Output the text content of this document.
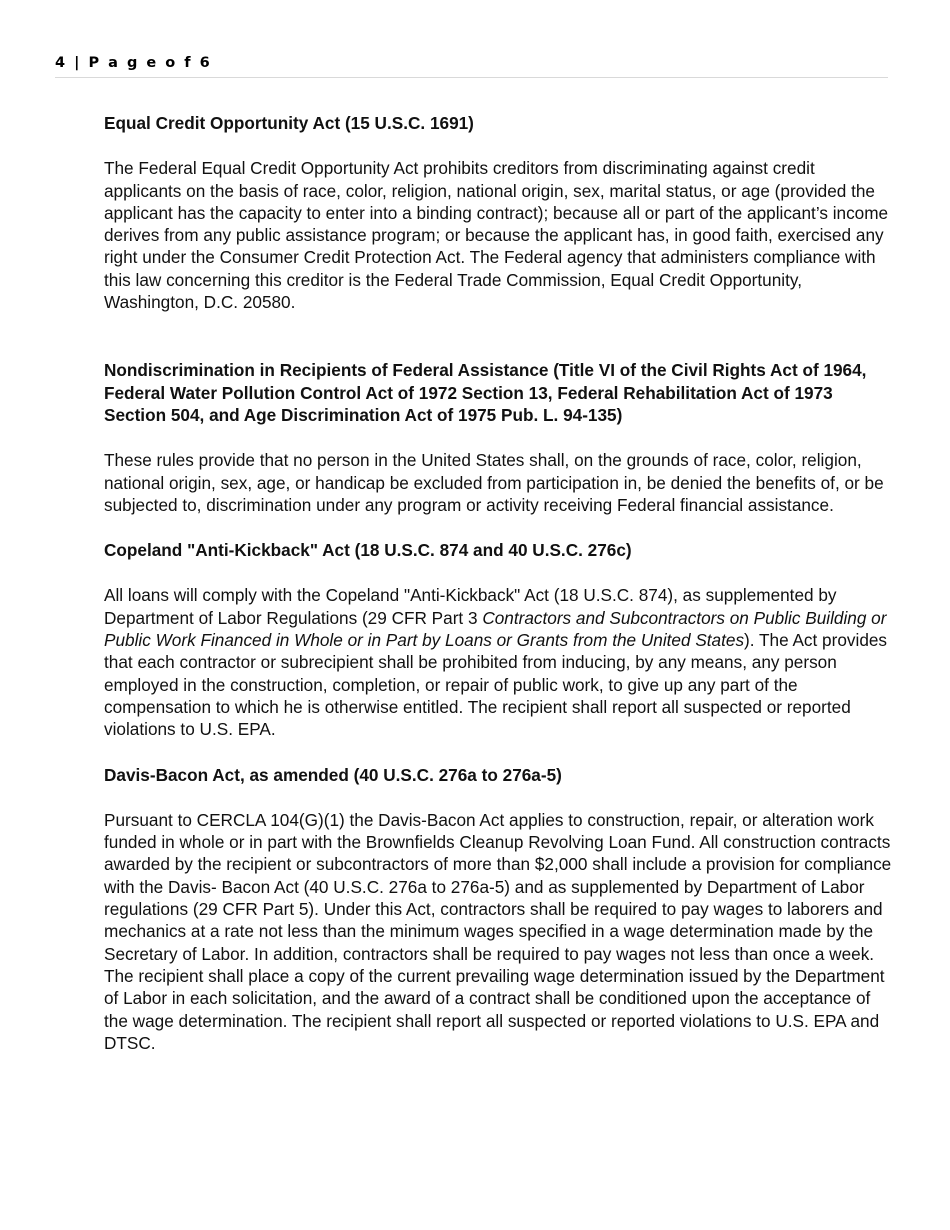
4 | P a g e o f 6

Equal Credit Opportunity Act (15 U.S.C. 1691)

The Federal Equal Credit Opportunity Act prohibits creditors from discriminating against credit applicants on the basis of race, color, religion, national origin, sex, marital status, or age (provided the applicant has the capacity to enter into a binding contract); because all or part of the applicant’s income derives from any public assistance program; or because the applicant has, in good faith, exercised any right under the Consumer Credit Protection Act. The Federal agency that administers compliance with this law concerning this creditor is the Federal Trade Commission, Equal Credit Opportunity, Washington, D.C. 20580.

Nondiscrimination in Recipients of Federal Assistance (Title VI of the Civil Rights Act of 1964, Federal Water Pollution Control Act of 1972 Section 13, Federal Rehabilitation Act of 1973 Section 504, and Age Discrimination Act of 1975 Pub. L. 94-135)

These rules provide that no person in the United States shall, on the grounds of race, color, religion, national origin, sex, age, or handicap be excluded from participation in, be denied the benefits of, or be subjected to, discrimination under any program or activity receiving Federal financial assistance.

Copeland "Anti-Kickback" Act (18 U.S.C. 874 and 40 U.S.C. 276c)

All loans will comply with the Copeland "Anti-Kickback" Act (18 U.S.C. 874), as supplemented by Department of Labor Regulations (29 CFR Part 3 Contractors and Subcontractors on Public Building or Public Work Financed in Whole or in Part by Loans or Grants from the United States). The Act provides that each contractor or subrecipient shall be prohibited from inducing, by any means, any person employed in the construction, completion, or repair of public work, to give up any part of the compensation to which he is otherwise entitled. The recipient shall report all suspected or reported violations to U.S. EPA.

Davis-Bacon Act, as amended (40 U.S.C. 276a to 276a-5)

Pursuant to CERCLA 104(G)(1) the Davis-Bacon Act applies to construction, repair, or alteration work funded in whole or in part with the Brownfields Cleanup Revolving Loan Fund. All construction contracts awarded by the recipient or subcontractors of more than $2,000 shall include a provision for compliance with the Davis- Bacon Act (40 U.S.C. 276a to 276a-5) and as supplemented by Department of Labor regulations (29 CFR Part 5). Under this Act, contractors shall be required to pay wages to laborers and mechanics at a rate not less than the minimum wages specified in a wage determination made by the Secretary of Labor. In addition, contractors shall be required to pay wages not less than once a week. The recipient shall place a copy of the current prevailing wage determination issued by the Department of Labor in each solicitation, and the award of a contract shall be conditioned upon the acceptance of the wage determination. The recipient shall report all suspected or reported violations to U.S. EPA and DTSC.
